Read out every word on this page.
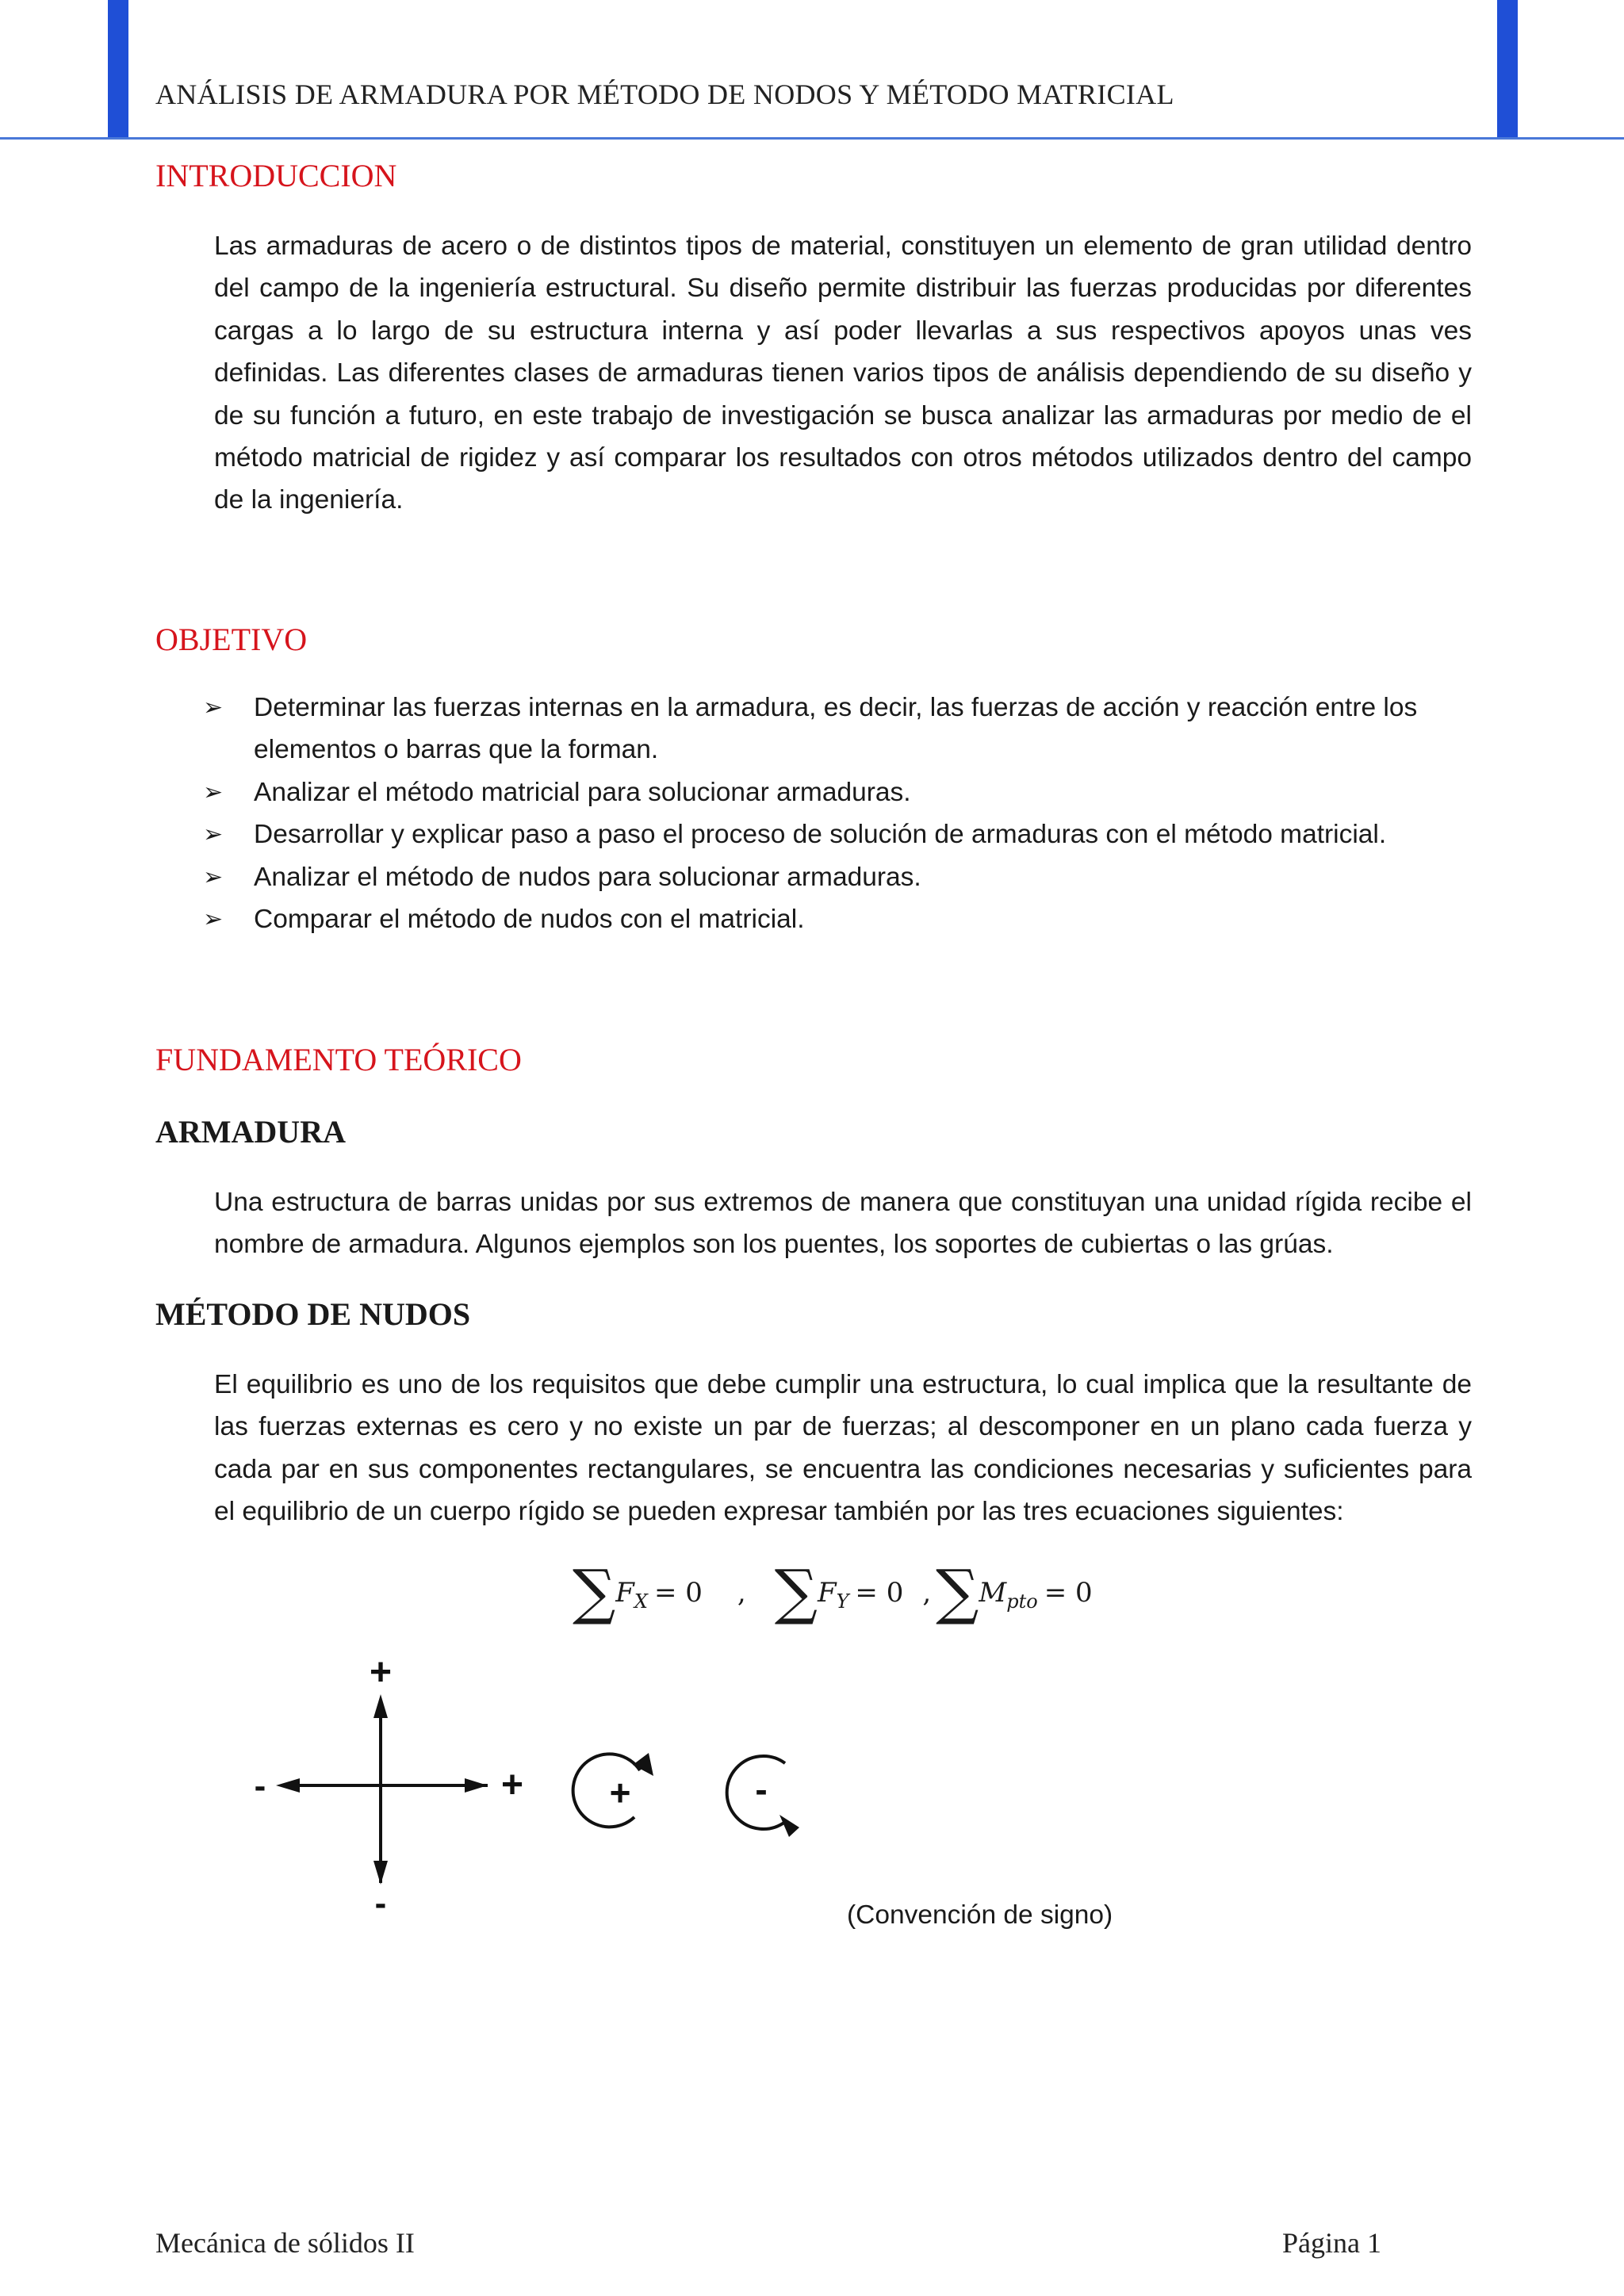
ANÁLISIS DE ARMADURA POR MÉTODO DE NODOS Y MÉTODO MATRICIAL
INTRODUCCION
Las armaduras de acero o de distintos tipos de material, constituyen un elemento de gran utilidad dentro del campo de la ingeniería estructural. Su diseño permite distribuir las fuerzas producidas por diferentes cargas a lo largo de su estructura interna y así poder llevarlas a sus respectivos apoyos unas ves definidas. Las diferentes clases de armaduras tienen varios tipos de análisis dependiendo de su diseño y de su función a futuro, en este trabajo de investigación se busca analizar las armaduras por medio de el método matricial de rigidez y así comparar los resultados con otros métodos utilizados dentro del campo de la ingeniería.
OBJETIVO
➢ Determinar las fuerzas internas en la armadura, es decir, las fuerzas de acción y reacción entre los elementos o barras que la forman.
➢ Analizar el método matricial para solucionar armaduras.
➢ Desarrollar y explicar paso a paso el proceso de solución de armaduras con el método matricial.
➢ Analizar el método de nudos para solucionar armaduras.
➢ Comparar el método de nudos con el matricial.
FUNDAMENTO TEÓRICO
ARMADURA
Una estructura de barras unidas por sus extremos de manera que constituyan una unidad rígida recibe el nombre de armadura. Algunos ejemplos son los puentes, los soportes de cubiertas o las grúas.
MÉTODO DE NUDOS
El equilibrio es uno de los requisitos que debe cumplir una estructura, lo cual implica que la resultante de las fuerzas externas es cero y no existe un par de fuerzas; al descomponer en un plano cada fuerza y cada par en sus componentes rectangulares, se encuentra las condiciones necesarias y suficientes para el equilibrio de un cuerpo rígido se pueden expresar también por las tres ecuaciones siguientes:
$\sum F_X = 0$ , $\sum F_Y = 0$ $,\sum M_{pto} = 0$
+
-
-	+ +	-
(Convención de signo)
Mecánica de sólidos II	Página 1
